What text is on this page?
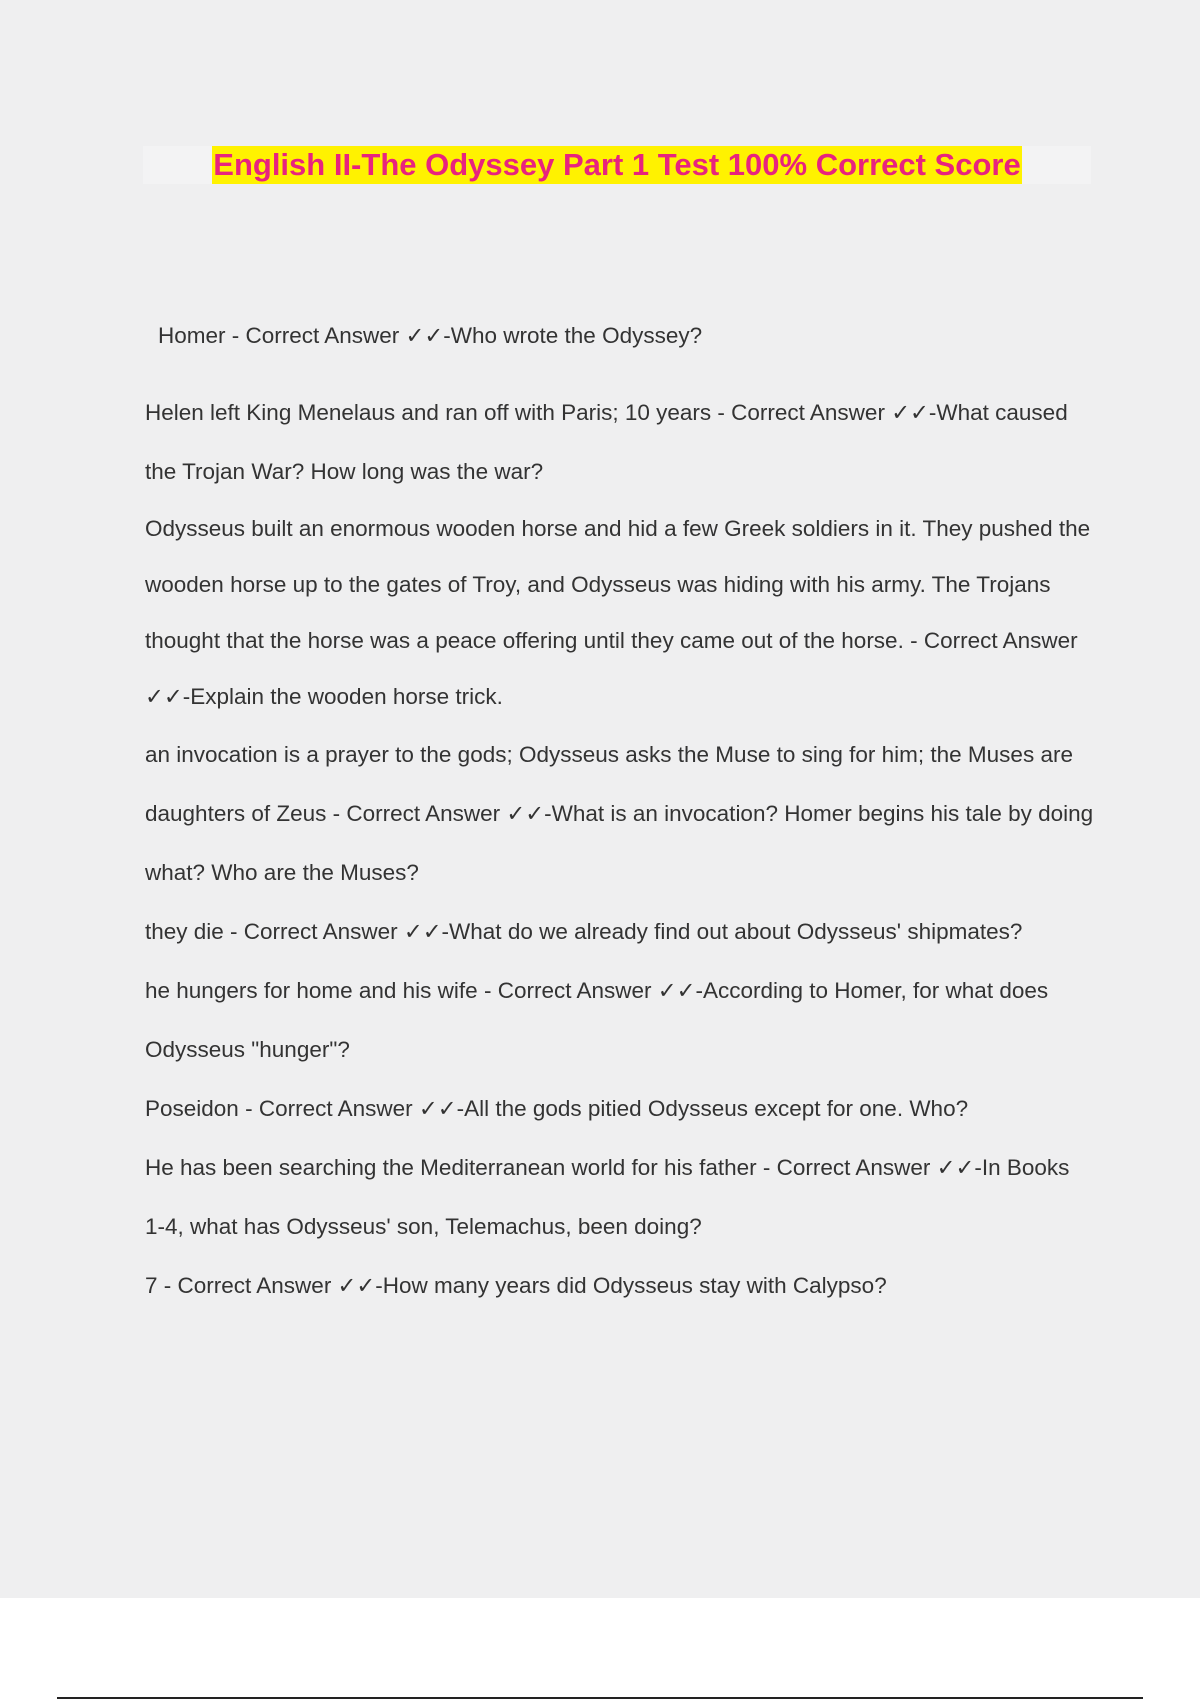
English II-The Odyssey Part 1 Test 100% Correct Score

Homer - Correct Answer ✓✓-Who wrote the Odyssey?

Helen left King Menelaus and ran off with Paris; 10 years - Correct Answer ✓✓-What caused the Trojan War? How long was the war?

Odysseus built an enormous wooden horse and hid a few Greek soldiers in it. They pushed the wooden horse up to the gates of Troy, and Odysseus was hiding with his army. The Trojans thought that the horse was a peace offering until they came out of the horse. - Correct Answer ✓✓-Explain the wooden horse trick.

an invocation is a prayer to the gods; Odysseus asks the Muse to sing for him; the Muses are daughters of Zeus - Correct Answer ✓✓-What is an invocation? Homer begins his tale by doing what? Who are the Muses?

they die - Correct Answer ✓✓-What do we already find out about Odysseus' shipmates?

he hungers for home and his wife - Correct Answer ✓✓-According to Homer, for what does Odysseus "hunger"?

Poseidon - Correct Answer ✓✓-All the gods pitied Odysseus except for one. Who?

He has been searching the Mediterranean world for his father - Correct Answer ✓✓-In Books 1-4, what has Odysseus' son, Telemachus, been doing?

7 - Correct Answer ✓✓-How many years did Odysseus stay with Calypso?
